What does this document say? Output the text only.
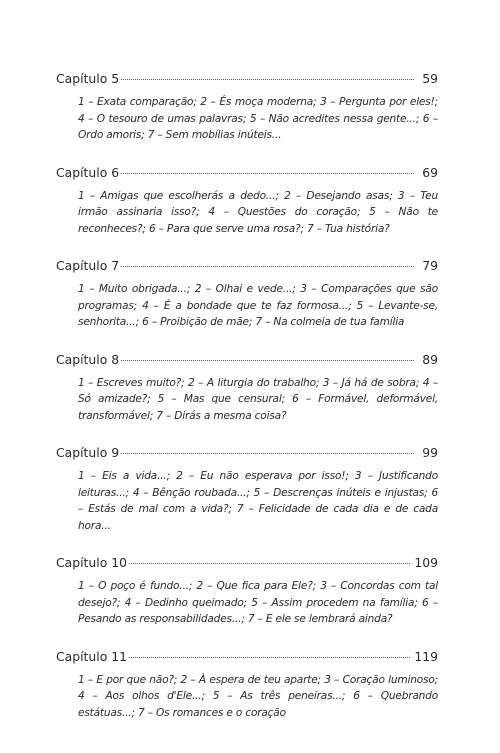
Capítulo 5	59
1 – Exata comparação; 2 – És moça moderna; 3 – Pergunta por eles!; 4 – O tesouro de umas palavras; 5 – Não acredites nessa gente...; 6 – Ordo amoris; 7 – Sem mobílias inúteis...
Capítulo 6	69
1 – Amigas que escolherás a dedo...; 2 – Desejando asas; 3 – Teu irmão assinaria isso?; 4 – Questões do coração; 5 – Não te reconheces?; 6 – Para que serve uma rosa?; 7 – Tua história?
Capítulo 7	79
1 – Muito obrigada...; 2 – Olhai e vede...; 3 – Comparações que são programas; 4 – É a bondade que te faz formosa...; 5 – Levante-se, senhorita...; 6 – Proibição de mãe; 7 – Na colmeia de tua família
Capítulo 8	89
1 – Escreves muito?; 2 – A liturgia do trabalho; 3 – Já há de sobra; 4 – Só amizade?; 5 – Mas que censural; 6 – Formável, deformável, transformável; 7 – Dirás a mesma coisa?
Capítulo 9	99
1 – Eis a vida...; 2 – Eu não esperava por isso!; 3 – Justificando leituras...; 4 – Bênção roubada...; 5 – Descrenças inúteis e injustas; 6 – Estás de mal com a vida?; 7 – Felicidade de cada dia e de cada hora...
Capítulo 10	109
1 – O poço é fundo...; 2 – Que fica para Ele?; 3 – Concordas com tal desejo?; 4 – Dedinho queimado; 5 – Assim procedem na família; 6 – Pesando as responsabilidades...; 7 – E ele se lembrará ainda?
Capítulo 11	119
1 – E por que não?; 2 – À espera de teu aparte; 3 – Coração luminoso; 4 – Aos olhos d'Ele...; 5 – As três peneiras...; 6 – Quebrando estátuas...; 7 – Os romances e o coração
